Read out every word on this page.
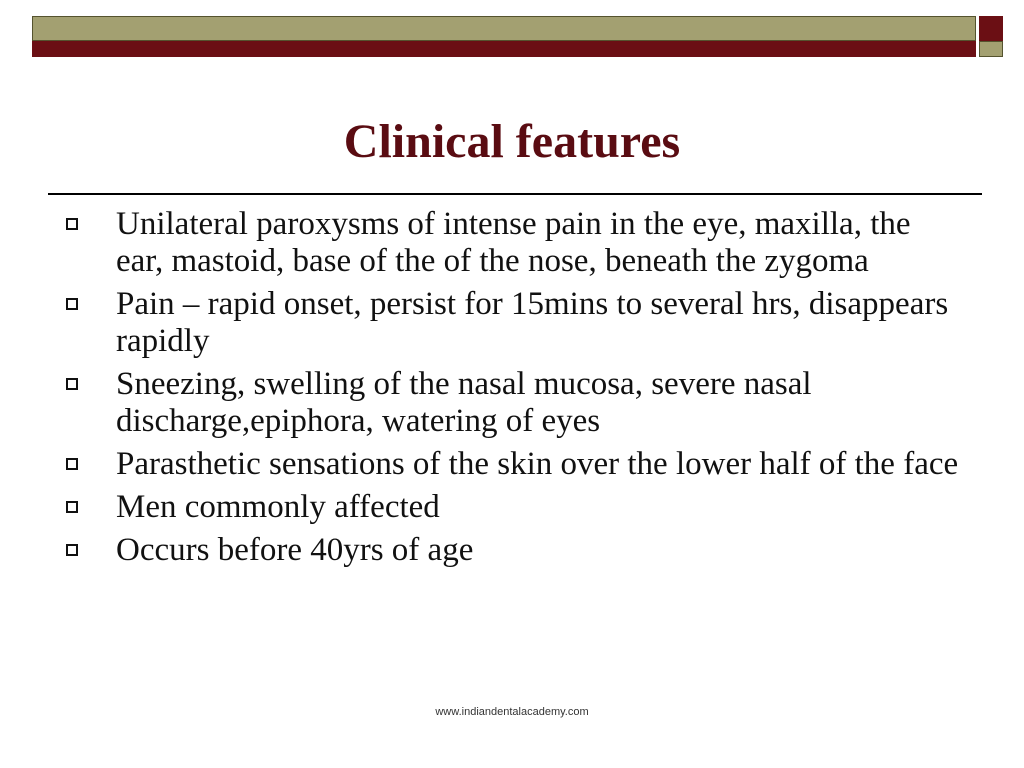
Clinical features
Unilateral paroxysms of intense pain in the eye, maxilla, the ear, mastoid, base of the of the nose, beneath the zygoma
Pain – rapid onset, persist for 15mins to several hrs, disappears rapidly
Sneezing, swelling of the nasal mucosa, severe nasal discharge,epiphora, watering of eyes
Parasthetic sensations of the skin over the lower half of the face
Men commonly affected
Occurs before 40yrs of age
www.indiandentalacademy.com
